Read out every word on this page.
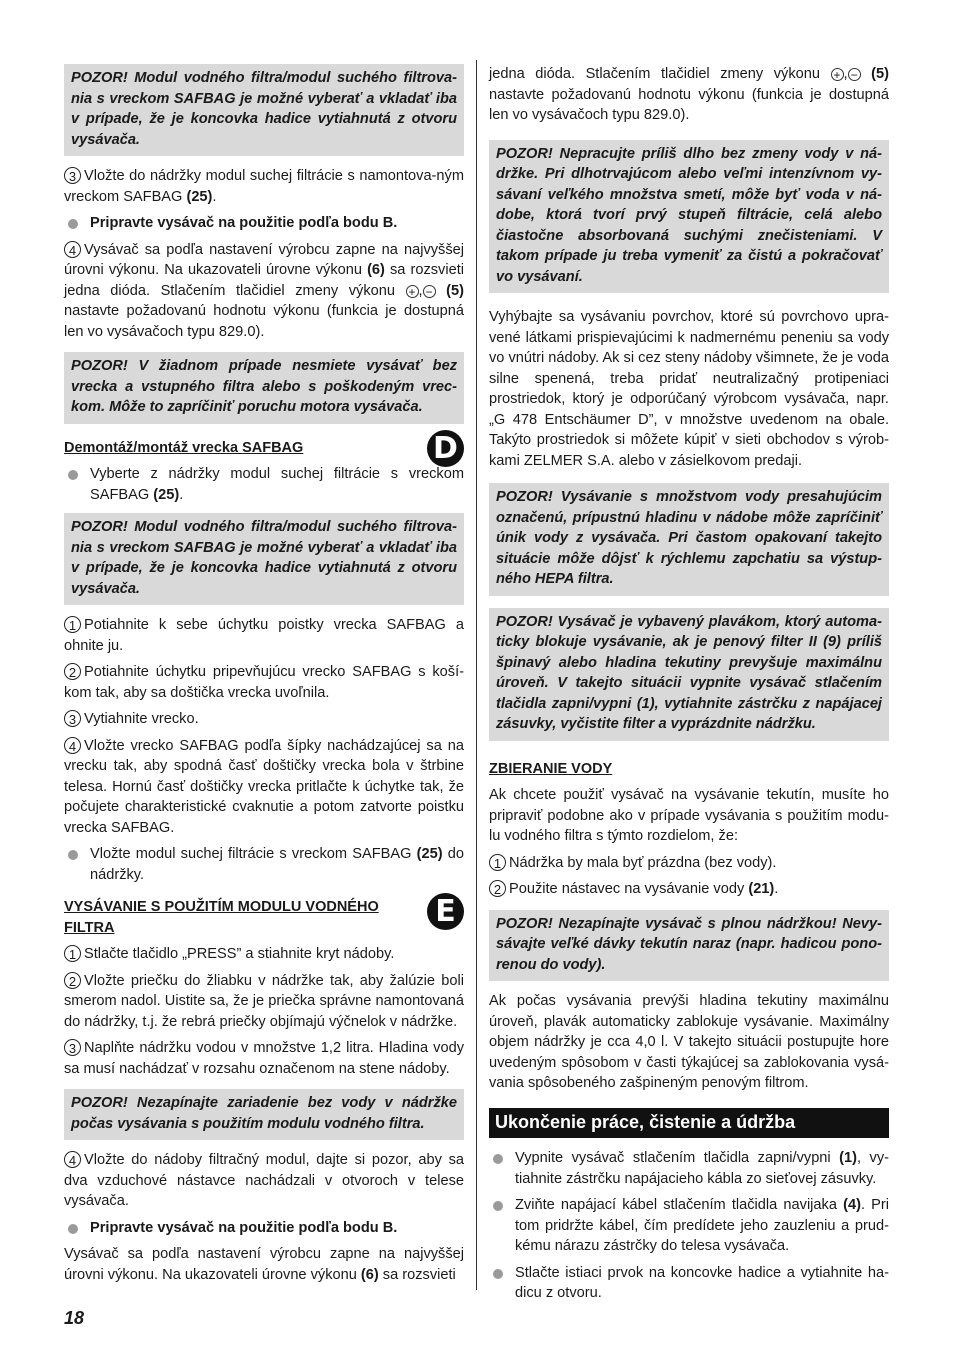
POZOR! Modul vodného filtra/modul suchého filtrova-nia s vreckom SAFBAG je možné vyberať a vkladať iba v prípade, že je koncovka hadice vytiahnutá z otvoru vysávača.

3 Vložte do nádržky modul suchej filtrácie s namontova-ným vreckom SAFBAG (25).

Pripravte vysávač na použitie podľa bodu B.

4 Vysávač sa podľa nastavení výrobcu zapne na najvyššej úrovni výkonu. Na ukazovateli úrovne výkonu (6) sa rozsvieti jedna dióda. Stlačením tlačidiel zmeny výkonu + , − (5) nastavte požadovanú hodnotu výkonu (funkcia je dostupná len vo vysávačoch typu 829.0).

POZOR! V žiadnom prípade nesmiete vysávať bez vrecka a vstupného filtra alebo s poškodeným vrec-kom. Môže to zapríčiniť poruchu motora vysávača.
Demontáž/montáž vrecka SAFBAG	D
Vyberte z nádržky modul suchej filtrácie s vreckom SAFBAG (25).
POZOR! Modul vodného filtra/modul suchého filtrova-nia s vreckom SAFBAG je možné vyberať a vkladať iba v prípade, že je koncovka hadice vytiahnutá z otvoru vysávača.

1 Potiahnite k sebe úchytku poistky vrecka SAFBAG a ohnite ju.

2 Potiahnite úchytku pripevňujúcu vrecko SAFBAG s koší-kom tak, aby sa doštička vrecka uvoľnila.

3 Vytiahnite vrecko.

4 Vložte vrecko SAFBAG podľa šípky nachádzajúcej sa na vrecku tak, aby spodná časť doštičky vrecka bola v štrbine telesa. Hornú časť doštičky vrecka pritlačte k úchytke tak, že počujete charakteristické cvaknutie a potom zatvorte poistku vrecka SAFBAG.

Vložte modul suchej filtrácie s vreckom SAFBAG (25) do nádržky.
VYSÁVANIE S POUŽITÍM MODULU VODNÉHO FILTRA	E

1 Stlačte tlačidlo „PRESS” a stiahnite kryt nádoby.

2 Vložte priečku do žliabku v nádržke tak, aby žalúzie boli smerom nadol. Uistite sa, že je priečka správne namontovaná do nádržky, t.j. že rebrá priečky objímajú výčnelok v nádržke.

3 Naplňte nádržku vodou v množstve 1,2 litra. Hladina vody sa musí nachádzať v rozsahu označenom na stene nádoby.

POZOR! Nezapínajte zariadenie bez vody v nádržke počas vysávania s použitím modulu vodného filtra.

4 Vložte do nádoby filtračný modul, dajte si pozor, aby sa dva vzduchové nástavce nachádzali v otvoroch v telese vysávača.

Pripravte vysávač na použitie podľa bodu B.

Vysávač sa podľa nastavení výrobcu zapne na najvyššej úrovni výkonu. Na ukazovateli úrovne výkonu (6) sa rozsvieti

jedna dióda. Stlačením tlačidiel zmeny výkonu + , − (5) nastavte požadovanú hodnotu výkonu (funkcia je dostupná len vo vysávačoch typu 829.0).

POZOR! Nepracujte príliš dlho bez zmeny vody v ná-držke. Pri dlhotrvajúcom alebo veľmi intenzívnom vy-sávaní veľkého množstva smetí, môže byť voda v ná-dobe, ktorá tvorí prvý stupeň filtrácie, celá alebo čiastočne absorbovaná suchými znečisteniami. V takom prípade ju treba vymeniť za čistú a pokračovať vo vysávaní.

Vyhýbajte sa vysávaniu povrchov, ktoré sú povrchovo upra-vené látkami prispievajúcimi k nadmernému peneniu sa vody vo vnútri nádoby. Ak si cez steny nádoby všimnete, že je voda silne spenená, treba pridať neutralizačný protipeniaci prostriedok, ktorý je odporúčaný výrobcom vysávača, napr. „G 478 Entschäumer D”, v množstve uvedenom na obale. Takýto prostriedok si môžete kúpiť v sieti obchodov s výrob-kami ZELMER S.A. alebo v zásielkovom predaji.

POZOR! Vysávanie s množstvom vody presahujúcim označenú, prípustnú hladinu v nádobe môže zapríčiniť únik vody z vysávača. Pri častom opakovaní takejto situácie môže dôjsť k rýchlemu zapchatiu sa výstup-ného HEPA filtra.
POZOR! Vysávač je vybavený plavákom, ktorý automa-ticky blokuje vysávanie, ak je penový filter II (9) príliš špinavý alebo hladina tekutiny prevyšuje maximálnu úroveň. V takejto situácii vypnite vysávač stlačením tlačidla zapni/vypni (1), vytiahnite zástrčku z napájacej zásuvky, vyčistite filter a vyprázdnite nádržku.
ZBIERANIE VODY

Ak chcete použiť vysávač na vysávanie tekutín, musíte ho pripraviť podobne ako v prípade vysávania s použitím modu-lu vodného filtra s týmto rozdielom, že:

1 Nádržka by mala byť prázdna (bez vody).

2 Použite nástavec na vysávanie vody (21).

POZOR! Nezapínajte vysávač s plnou nádržkou! Nevy-sávajte veľké dávky tekutín naraz (napr. hadicou pono-renou do vody).

Ak počas vysávania prevýši hladina tekutiny maximálnu úroveň, plavák automaticky zablokuje vysávanie. Maximálny objem nádržky je cca 4,0 l. V takejto situácii postupujte hore uvedeným spôsobom v časti týkajúcej sa zablokovania vysá-vania spôsobeného zašpineným penovým filtrom.

Ukončenie práce, čistenie a údržba
Vypnite vysávač stlačením tlačidla zapni/vypni (1), vy-tiahnite zástrčku napájacieho kábla zo sieťovej zásuvky.
Zviňte napájací kábel stlačením tlačidla navijaka (4). Pri tom pridržte kábel, čím predídete jeho zauzleniu a prud-kému nárazu zástrčky do telesa vysávača.
Stlačte istiaci prvok na koncovke hadice a vytiahnite ha-dicu z otvoru.
18
